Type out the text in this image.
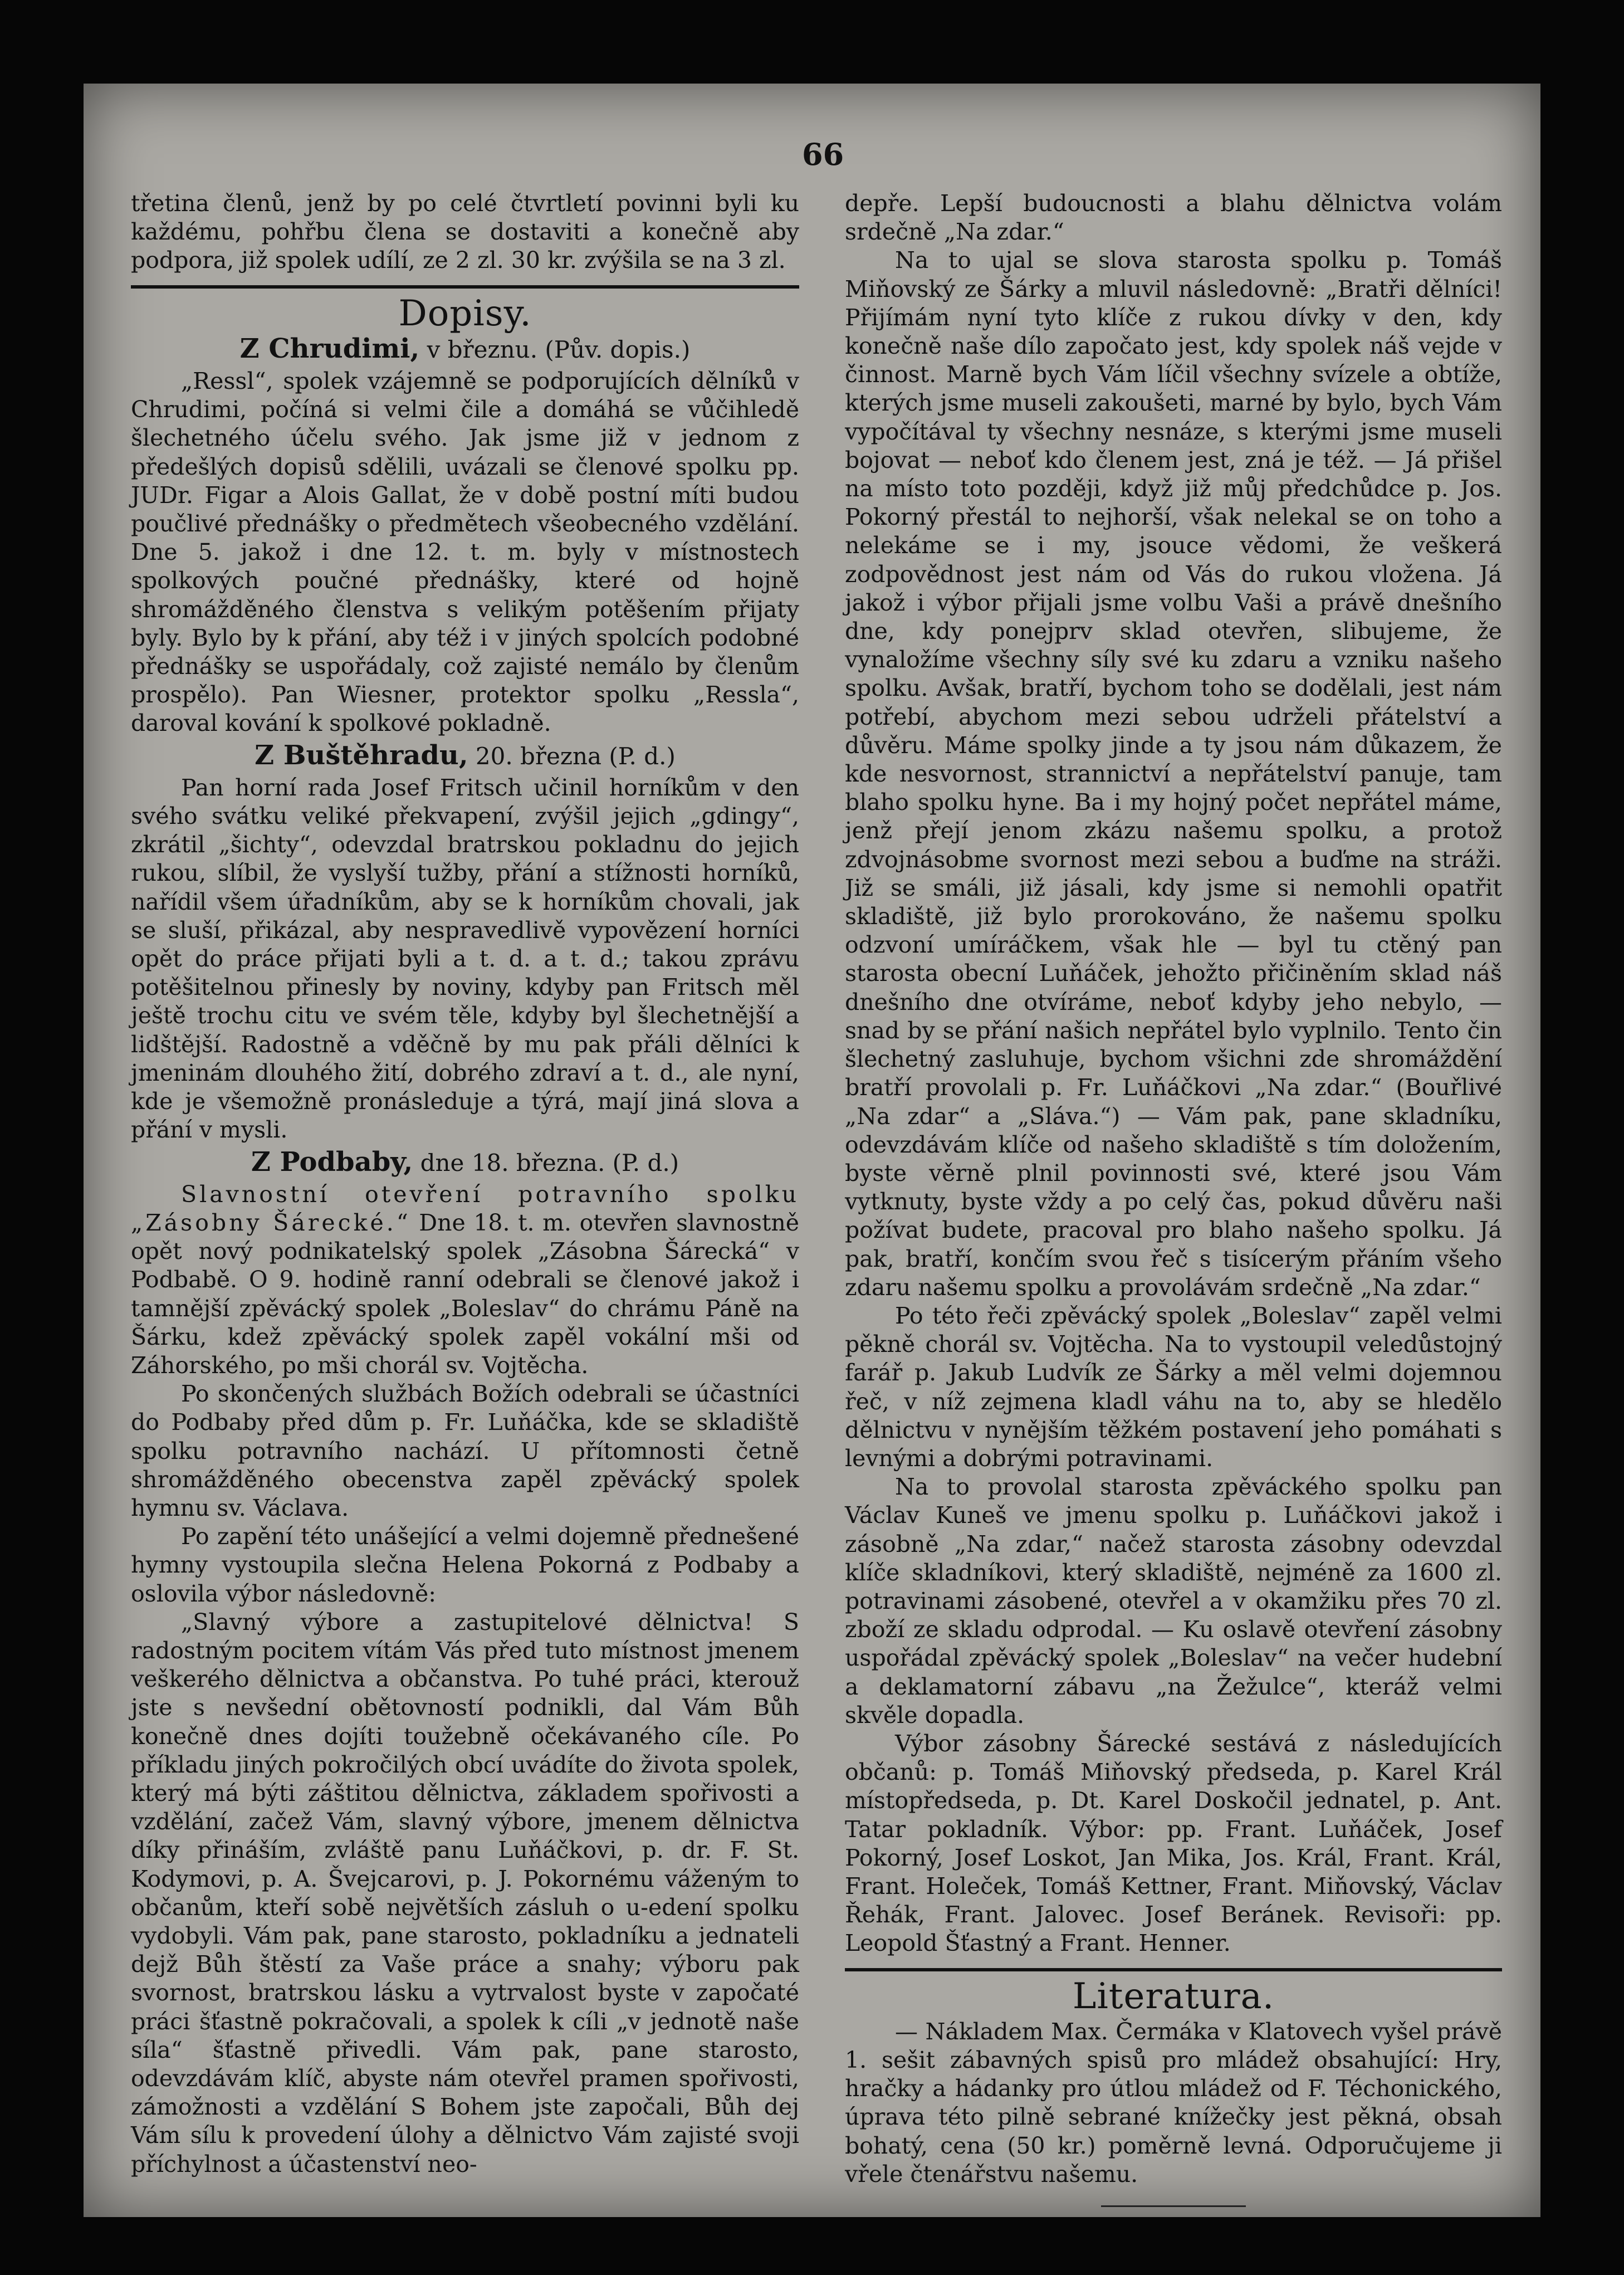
66

třetina členů, jenž by po celé čtvrtletí povinni byli ku každému, pohřbu člena se dostaviti a konečně aby podpora, již spolek udílí, ze 2 zl. 30 kr. zvýšila se na 3 zl.

Dopisy.
Z Chrudimi, v březnu. (Pův. dopis.)

„Ressl“, spolek vzájemně se podporujících dělníků v Chrudimi, počíná si velmi čile a domáhá se vůčihledě šlechetného účelu svého. Jak jsme již v jednom z předešlých dopisů sdělili, uvázali se členové spolku pp. JUDr. Figar a Alois Gallat, že v době postní míti budou poučlivé přednášky o předmětech všeobecného vzdělání. Dne 5. jakož i dne 12. t. m. byly v místnostech spolkových poučné přednášky, které od hojně shromážděného členstva s velikým potěšením přijaty byly. Bylo by k přání, aby též i v jiných spolcích podobné přednášky se uspořádaly, což zajisté nemálo by členům prospělo). Pan Wiesner, protektor spolku „Ressla“, daroval kování k spolkové pokladně.

Z Buštěhradu, 20. března (P. d.)

Pan horní rada Josef Fritsch učinil horníkům v den svého svátku veliké překvapení, zvýšil jejich „gdingy“, zkrátil „šichty“, odevzdal bratrskou pokladnu do jejich rukou, slíbil, že vyslyší tužby, přání a stížnosti horníků, nařídil všem úřadníkům, aby se k horníkům chovali, jak se sluší, přikázal, aby nespravedlivě vypovězení horníci opět do práce přijati byli a t. d. a t. d.; takou zprávu potěšitelnou přinesly by noviny, kdyby pan Fritsch měl ještě trochu citu ve svém těle, kdyby byl šlechetnější a lidštější. Radostně a vděčně by mu pak přáli dělníci k jmeninám dlouhého žití, dobrého zdraví a t. d., ale nyní, kde je všemožně pronásleduje a týrá, mají jiná slova a přání v mysli.

Z Podbaby, dne 18. března. (P. d.)

Slavnostní otevření potravního spolku „Zásobny Šárecké.“ Dne 18. t. m. otevřen slavnostně opět nový podnikatelský spolek „Zásobna Šárecká“ v Podbabě. O 9. hodině ranní odebrali se členové jakož i tamnější zpěvácký spolek „Boleslav“ do chrámu Páně na Šárku, kdež zpěvácký spolek zapěl vokální mši od Záhorského, po mši chorál sv. Vojtěcha.

Po skončených službách Božích odebrali se účastníci do Podbaby před dům p. Fr. Luňáčka, kde se skladiště spolku potravního nachází. U přítomnosti četně shromážděného obecenstva zapěl zpěvácký spolek hymnu sv. Václava.

Po zapění této unášející a velmi dojemně přednešené hymny vystoupila slečna Helena Pokorná z Podbaby a oslovila výbor následovně:

„Slavný výbore a zastupitelové dělnictva! S radostným pocitem vítám Vás před tuto místnost jmenem veškerého dělnictva a občanstva. Po tuhé práci, kterouž jste s nevšední obětovností podnikli, dal Vám Bůh konečně dnes dojíti toužebně očekávaného cíle. Po příkladu jiných pokročilých obcí uvádíte do života spolek, který má býti záštitou dělnictva, základem spořivosti a vzdělání, začež Vám, slavný výbore, jmenem dělnictva díky přináším, zvláště panu Luňáčkovi, p. dr. F. St. Kodymovi, p. A. Švejcarovi, p. J. Pokornému váženým to občanům, kteří sobě největších zásluh o u-edení spolku vydobyli. Vám pak, pane starosto, pokladníku a jednateli dejž Bůh štěstí za Vaše práce a snahy; výboru pak svornost, bratrskou lásku a vytrvalost byste v započaté práci šťastně pokračovali, a spolek k cíli „v jednotě naše síla“ šťastně přivedli. Vám pak, pane starosto, odevzdávám klíč, abyste nám otevřel pramen spořivosti, zámožnosti a vzdělání S Bohem jste započali, Bůh dej Vám sílu k provedení úlohy a dělnictvo Vám zajisté svoji příchylnost a účastenství neo-

depře. Lepší budoucnosti a blahu dělnictva volám srdečně „Na zdar.“

Na to ujal se slova starosta spolku p. Tomáš Miňovský ze Šárky a mluvil následovně: „Bratři dělníci! Přijímám nyní tyto klíče z rukou dívky v den, kdy konečně naše dílo započato jest, kdy spolek náš vejde v činnost. Marně bych Vám líčil všechny svízele a obtíže, kterých jsme museli zakoušeti, marné by bylo, bych Vám vypočítával ty všechny nesnáze, s kterými jsme museli bojovat — neboť kdo členem jest, zná je též. — Já přišel na místo toto později, když již můj předchůdce p. Jos. Pokorný přestál to nejhorší, však nelekal se on toho a nelekáme se i my, jsouce vědomi, že veškerá zodpovědnost jest nám od Vás do rukou vložena. Já jakož i výbor přijali jsme volbu Vaši a právě dnešního dne, kdy ponejprv sklad otevřen, slibujeme, že vynaložíme všechny síly své ku zdaru a vzniku našeho spolku. Avšak, bratří, bychom toho se dodělali, jest nám potřebí, abychom mezi sebou udrželi přátelství a důvěru. Máme spolky jinde a ty jsou nám důkazem, že kde nesvornost, strannictví a nepřátelství panuje, tam blaho spolku hyne. Ba i my hojný počet nepřátel máme, jenž přejí jenom zkázu našemu spolku, a protož zdvojnásobme svornost mezi sebou a buďme na stráži. Již se smáli, již jásali, kdy jsme si nemohli opatřit skladiště, již bylo prorokováno, že našemu spolku odzvoní umíráčkem, však hle — byl tu ctěný pan starosta obecní Luňáček, jehožto přičiněním sklad náš dnešního dne otvíráme, neboť kdyby jeho nebylo, — snad by se přání našich nepřátel bylo vyplnilo. Tento čin šlechetný zasluhuje, bychom všichni zde shromáždění bratří provolali p. Fr. Luňáčkovi „Na zdar.“ (Bouřlivé „Na zdar“ a „Sláva.“) — Vám pak, pane skladníku, odevzdávám klíče od našeho skladiště s tím doložením, byste věrně plnil povinnosti své, které jsou Vám vytknuty, byste vždy a po celý čas, pokud důvěru naši požívat budete, pracoval pro blaho našeho spolku. Já pak, bratří, končím svou řeč s tisícerým přáním všeho zdaru našemu spolku a provolávám srdečně „Na zdar.“

Po této řeči zpěvácký spolek „Boleslav“ zapěl velmi pěkně chorál sv. Vojtěcha. Na to vystoupil veledůstojný farář p. Jakub Ludvík ze Šárky a měl velmi dojemnou řeč, v níž zejmena kladl váhu na to, aby se hledělo dělnictvu v nynějším těžkém postavení jeho pomáhati s levnými a dobrými potravinami.

Na to provolal starosta zpěváckého spolku pan Václav Kuneš ve jmenu spolku p. Luňáčkovi jakož i zásobně „Na zdar,“ načež starosta zásobny odevzdal klíče skladníkovi, který skladiště, nejméně za 1600 zl. potravinami zásobené, otevřel a v okamžiku přes 70 zl. zboží ze skladu odprodal. — Ku oslavě otevření zásobny uspořádal zpěvácký spolek „Boleslav“ na večer hudební a deklamatorní zábavu „na Žežulce“, kteráž velmi skvěle dopadla.

Výbor zásobny Šárecké sestává z následujících občanů: p. Tomáš Miňovský předseda, p. Karel Král místopředseda, p. Dt. Karel Doskočil jednatel, p. Ant. Tatar pokladník. Výbor: pp. Frant. Luňáček, Josef Pokorný, Josef Loskot, Jan Mika, Jos. Král, Frant. Král, Frant. Holeček, Tomáš Kettner, Frant. Miňovský, Václav Řehák, Frant. Jalovec. Josef Beránek. Revisoři: pp. Leopold Šťastný a Frant. Henner.

Literatura.

— Nákladem Max. Čermáka v Klatovech vyšel právě 1. sešit zábavných spisů pro mládež obsahující: Hry, hračky a hádanky pro útlou mládež od F. Téchonického, úprava této pilně sebrané knížečky jest pěkná, obsah bohatý, cena (50 kr.) poměrně levná. Odporučujeme ji vřele čtenářstvu našemu.
